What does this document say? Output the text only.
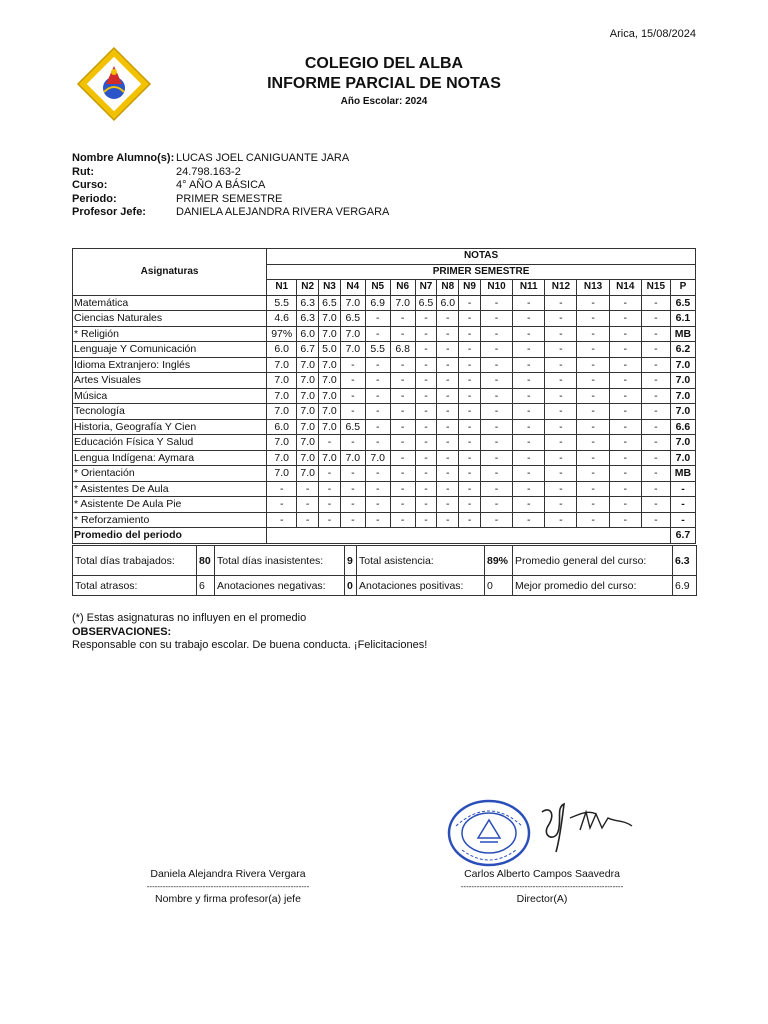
Arica, 15/08/2024
COLEGIO DEL ALBA
INFORME PARCIAL DE NOTAS
Año Escolar: 2024
Nombre Alumno(s): LUCAS JOEL CANIGUANTE JARA
Rut:	24.798.163-2
Curso:	4° AÑO A BÁSICA
Periodo:	PRIMER SEMESTRE
Profesor Jefe:	DANIELA ALEJANDRA RIVERA VERGARA
Asignaturas	NOTAS															
	PRIMER SEMESTRE															
	N1	N2	N3	N4	N5	N6	N7	N8	N9	N10	N11	N12	N13	N14	N15	P
Matemática	5.5	6.3	6.5	7.0	6.9	7.0	6.5	6.0	-	-	-	-	-	-	-	6.5
Ciencias Naturales	4.6	6.3	7.0	6.5	-	-	-	-	-	-	-	-	-	-	-	6.1
* Religión	97%	6.0	7.0	7.0	-	-	-	-	-	-	-	-	-	-	-	MB
Lenguaje Y Comunicación	6.0	6.7	5.0	7.0	5.5	6.8	-	-	-	-	-	-	-	-	-	6.2
Idioma Extranjero: Inglés	7.0	7.0	7.0	-	-	-	-	-	-	-	-	-	-	-	-	7.0
Artes Visuales	7.0	7.0	7.0	-	-	-	-	-	-	-	-	-	-	-	-	7.0
Música	7.0	7.0	7.0	-	-	-	-	-	-	-	-	-	-	-	-	7.0
Tecnología	7.0	7.0	7.0	-	-	-	-	-	-	-	-	-	-	-	-	7.0
Historia, Geografía Y Cien	6.0	7.0	7.0	6.5	-	-	-	-	-	-	-	-	-	-	-	6.6
Educación Física Y Salud	7.0	7.0	-	-	-	-	-	-	-	-	-	-	-	-	-	7.0
Lengua Indígena: Aymara	7.0	7.0	7.0	7.0	7.0	-	-	-	-	-	-	-	-	-	-	7.0
* Orientación	7.0	7.0	-	-	-	-	-	-	-	-	-	-	-	-	-	MB
* Asistentes De Aula	-	-	-	-	-	-	-	-	-	-	-	-	-	-	-	-
* Asistente De Aula Pie	-	-	-	-	-	-	-	-	-	-	-	-	-	-	-	-
* Reforzamiento	-	-	-	-	-	-	-	-	-	-	-	-	-	-	-	-
Promedio del periodo																6.7
Total días trabajados:	80	Total días inasistentes:	9	Total asistencia:	89%	Promedio general del curso:	6.3
Total atrasos:	6	Anotaciones negativas:	0	Anotaciones positivas:	0	Mejor promedio del curso:	6.9
(*) Estas asignaturas no influyen en el promedio
OBSERVACIONES:
Responsable con su trabajo escolar. De buena conducta. ¡Felicitaciones!
Daniela Alejandra Rivera Vergara
-------------------------------------------------------------
Nombre y firma profesor(a) jefe
Carlos Alberto Campos Saavedra
-------------------------------------------------------------
Director(A)
